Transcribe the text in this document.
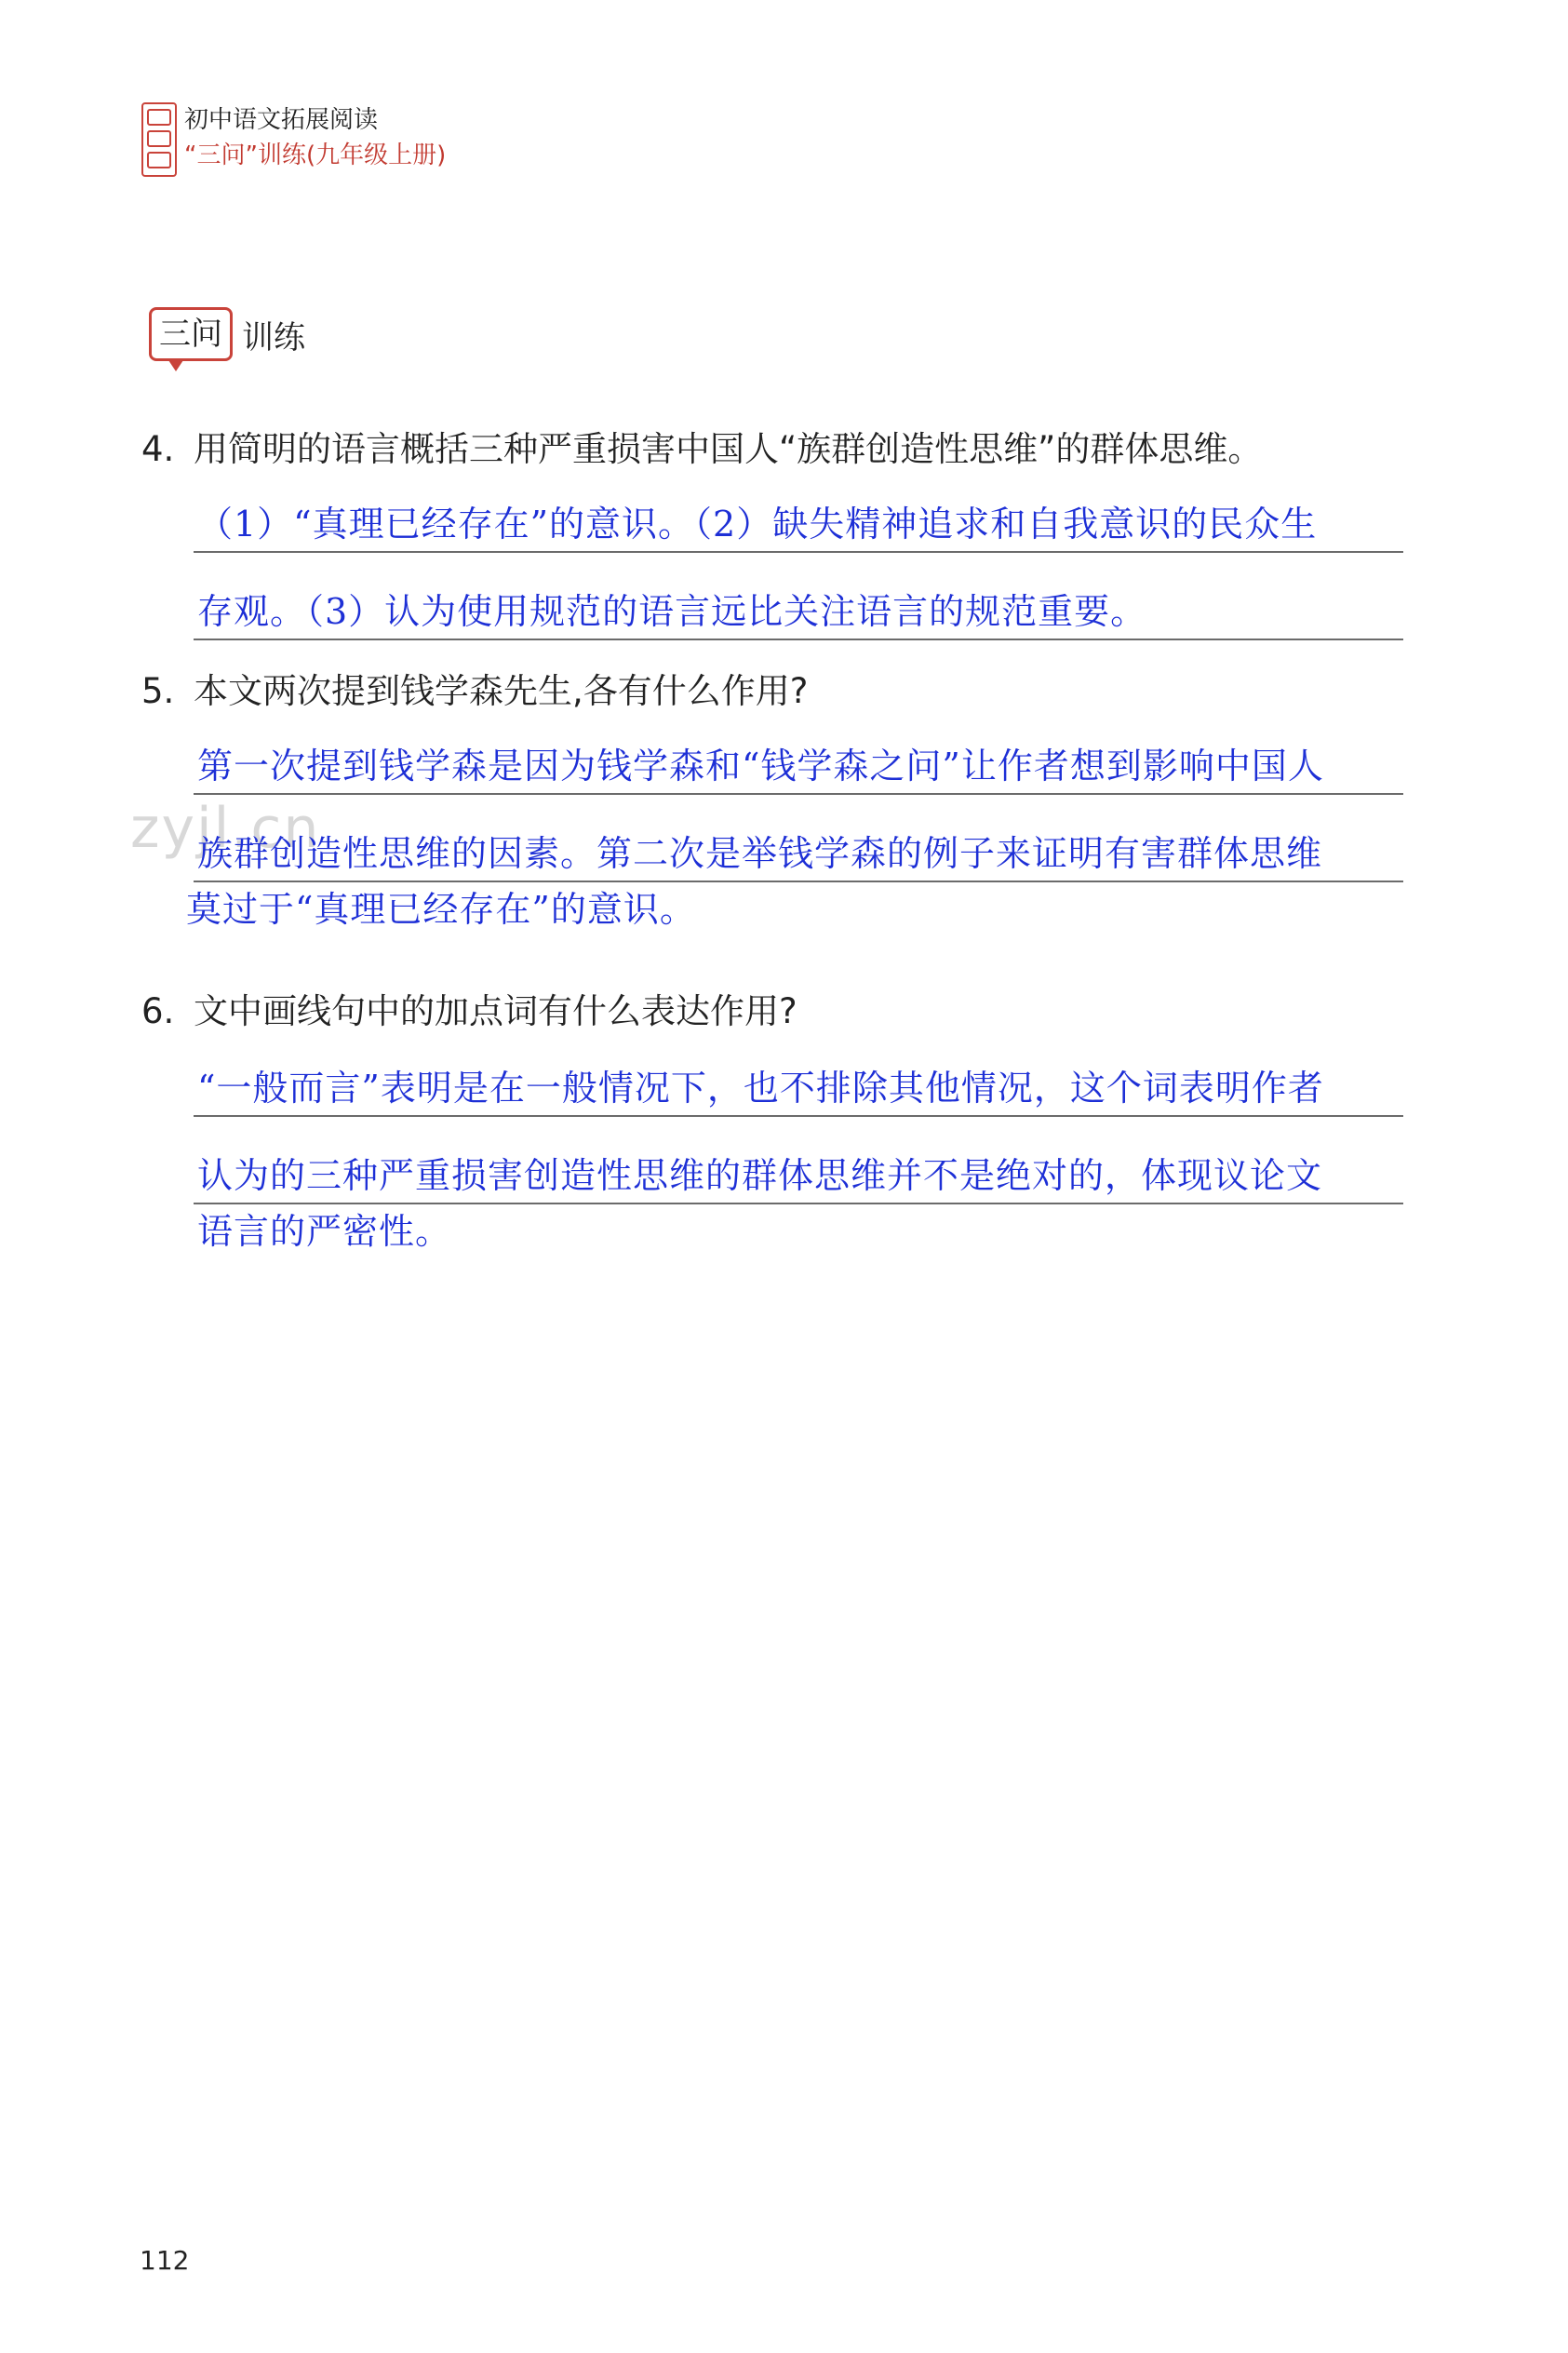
初中语文拓展阅读
“三问”训练(九年级上册)
三问 训练
4. 用简明的语言概括三种严重损害中国人“族群创造性思维”的群体思维。
（1）“真理已经存在”的意识。（2）缺失精神追求和自我意识的民众生
存观。（3）认为使用规范的语言远比关注语言的规范重要。
5. 本文两次提到钱学森先生,各有什么作用?
第一次提到钱学森是因为钱学森和“钱学森之问”让作者想到影响中国人
zyjl.cn
族群创造性思维的因素。第二次是举钱学森的例子来证明有害群体思维
莫过于“真理已经存在”的意识。
6. 文中画线句中的加点词有什么表达作用?
“一般而言”表明是在一般情况下，也不排除其他情况，这个词表明作者
认为的三种严重损害创造性思维的群体思维并不是绝对的，体现议论文
语言的严密性。
112
